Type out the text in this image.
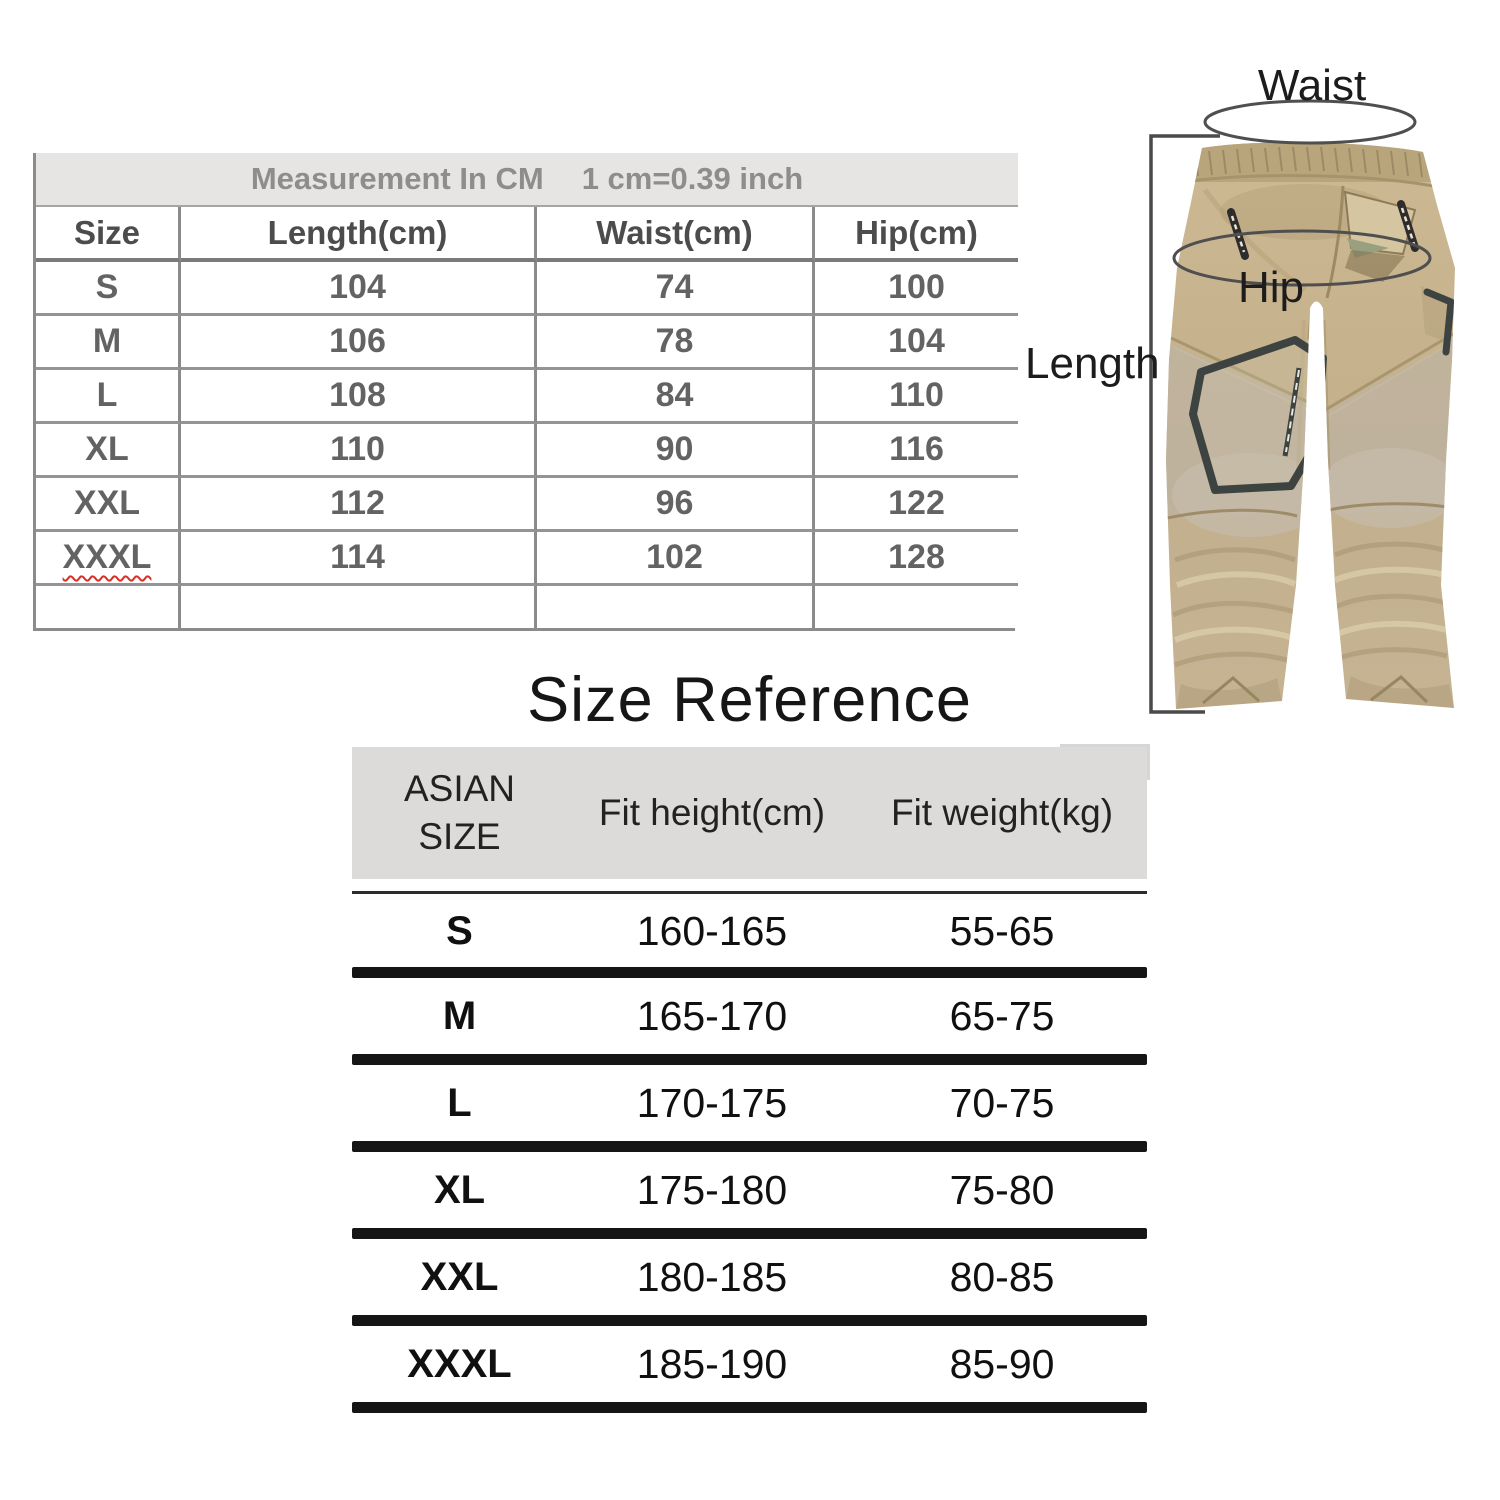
Measurement In CM 1 cm=0.39 inch
Size	Length(cm)	Waist(cm)	Hip(cm)
S	104	74	100
M	106	78	104
L	108	84	110
XL	110	90	116
XXL	112	96	122
XXXL	114	102	128
Waist
Hip
Length
Size Reference
ASIAN SIZE
Fit height(cm)	Fit weight(kg)
S	160-165	55-65
M	165-170	65-75
L	170-175	70-75
XL	175-180	75-80
XXL	180-185	80-85
XXXL	185-190	85-90
